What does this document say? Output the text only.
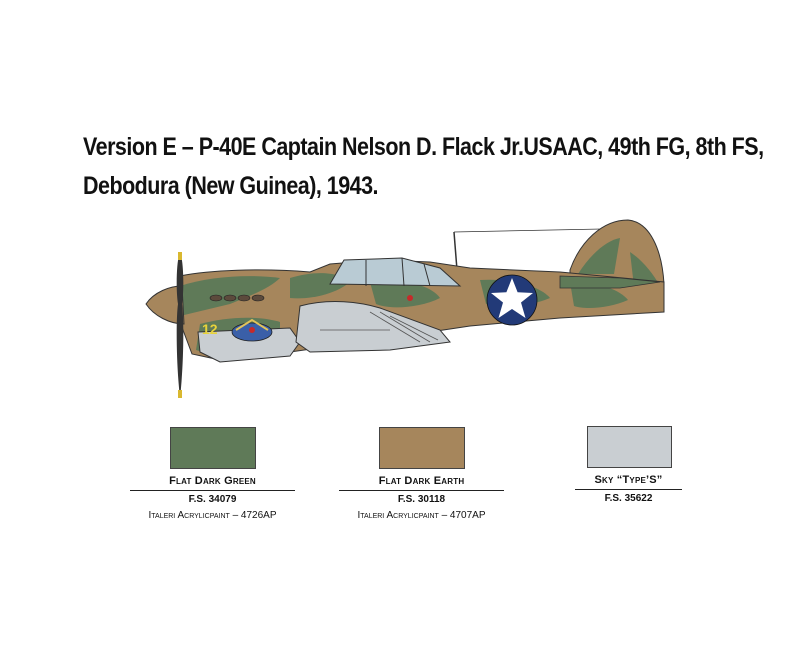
Version E – P-40E Captain Nelson D. Flack Jr.USAAC, 49th FG, 8th FS,
Debodura (New Guinea), 1943.
12
Flat Dark Green
F.S. 34079
Italeri Acrylicpaint – 4726AP
Flat Dark Earth
F.S. 30118
Italeri Acrylicpaint – 4707AP
Sky “Type’S”
F.S. 35622
